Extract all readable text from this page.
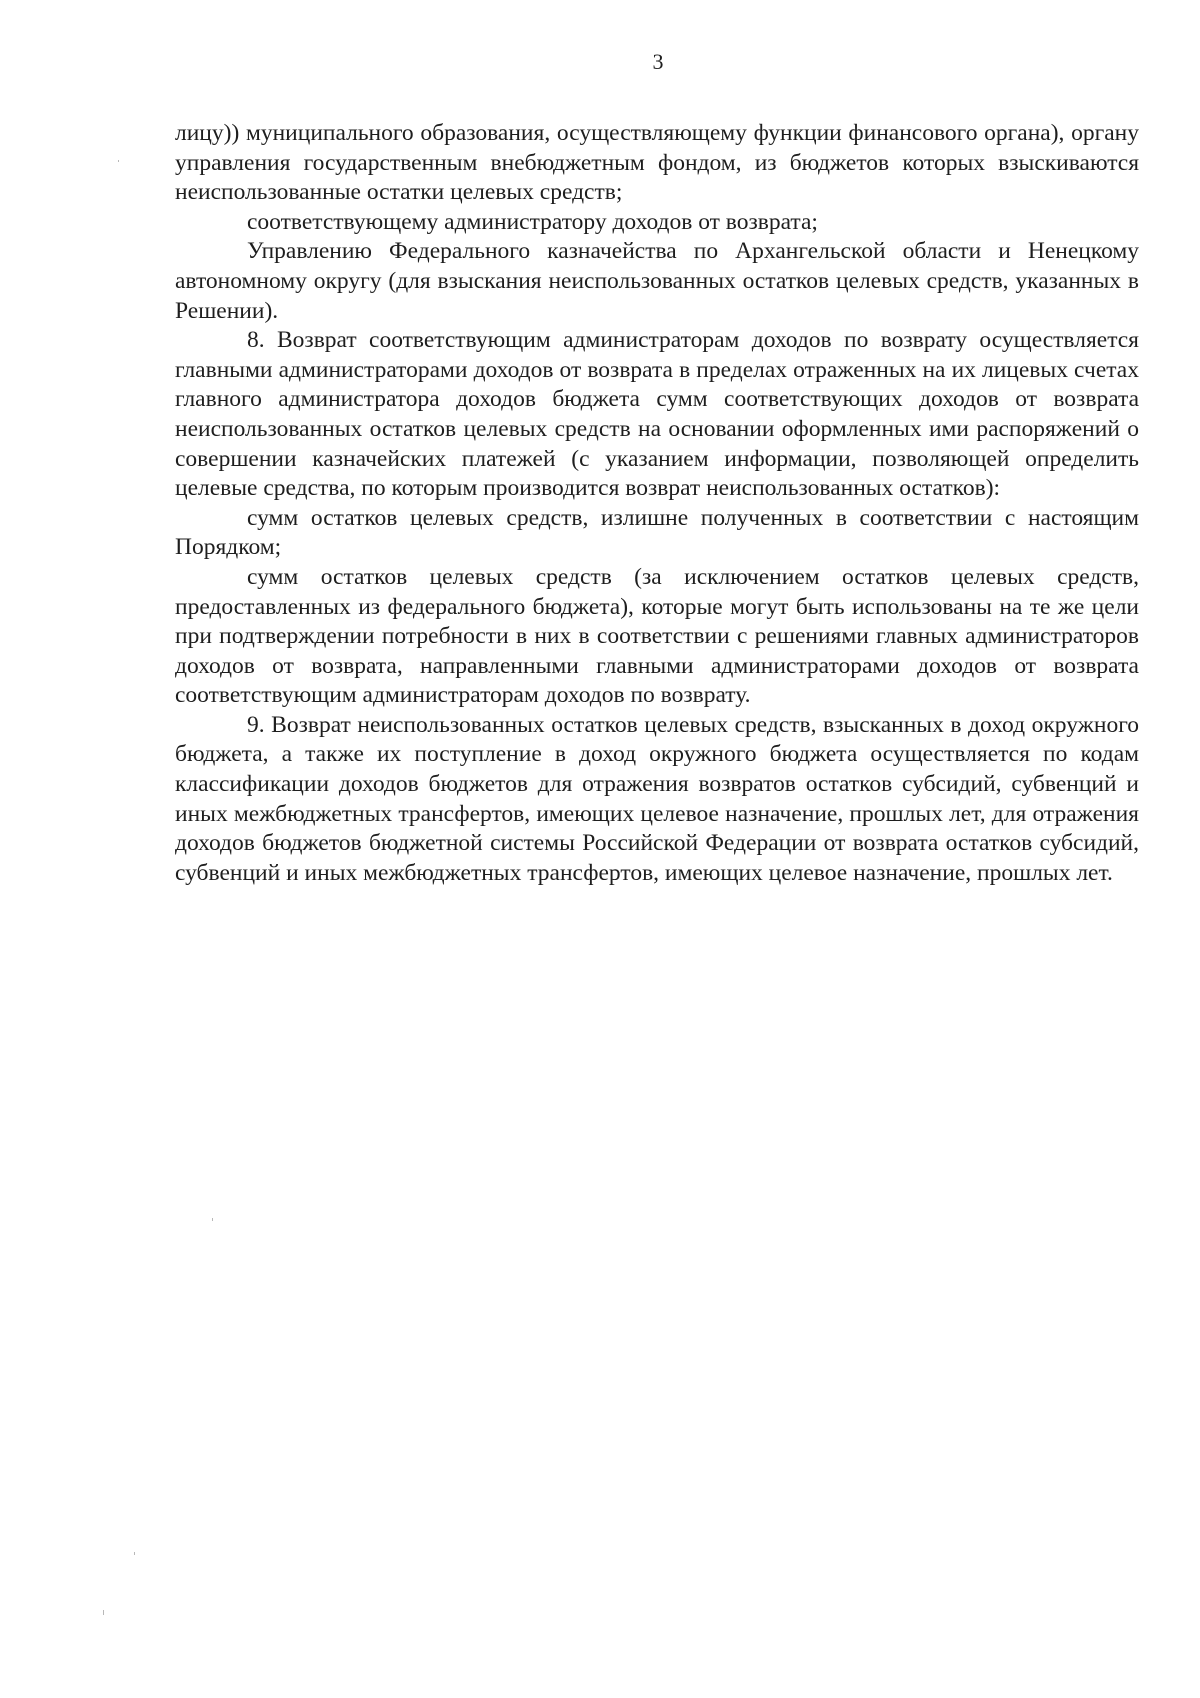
3

лицу)) муниципального образования, осуществляющему функции финансового органа), органу управления государственным внебюджетным фондом, из бюджетов которых взыскиваются неиспользованные остатки целевых средств;

соответствующему администратору доходов от возврата;

Управлению Федерального казначейства по Архангельской области и Ненецкому автономному округу (для взыскания неиспользованных остатков целевых средств, указанных в Решении).

8. Возврат соответствующим администраторам доходов по возврату осуществляется главными администраторами доходов от возврата в пределах отраженных на их лицевых счетах главного администратора доходов бюджета сумм соответствующих доходов от возврата неиспользованных остатков целевых средств на основании оформленных ими распоряжений о совершении казначейских платежей (с указанием информации, позволяющей определить целевые средства, по которым производится возврат неиспользованных остатков):

сумм остатков целевых средств, излишне полученных в соответствии с настоящим Порядком;

сумм остатков целевых средств (за исключением остатков целевых средств, предоставленных из федерального бюджета), которые могут быть использованы на те же цели при подтверждении потребности в них в соответствии с решениями главных администраторов доходов от возврата, направленными главными администраторами доходов от возврата соответствующим администраторам доходов по возврату.

9. Возврат неиспользованных остатков целевых средств, взысканных в доход окружного бюджета, а также их поступление в доход окружного бюджета осуществляется по кодам классификации доходов бюджетов для отражения возвратов остатков субсидий, субвенций и иных межбюджетных трансфертов, имеющих целевое назначение, прошлых лет, для отражения доходов бюджетов бюджетной системы Российской Федерации от возврата остатков субсидий, субвенций и иных межбюджетных трансфертов, имеющих целевое назначение, прошлых лет.
